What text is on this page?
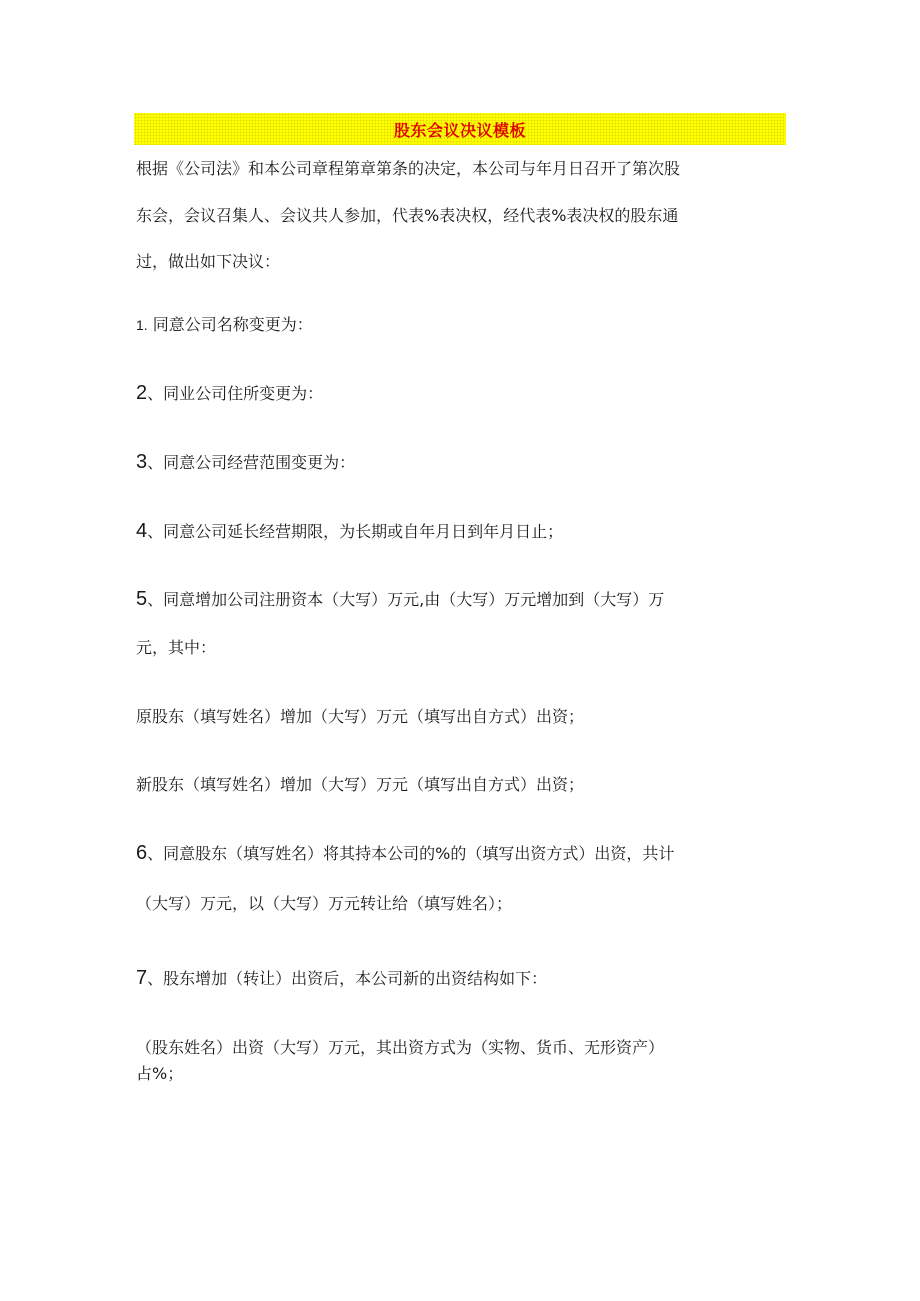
股东会议决议模板
根据《公司法》和本公司章程第章第条的决定，本公司与年月日召开了第次股
东会，会议召集人、会议共人参加，代表%表决权，经代表%表决权的股东通
过，做出如下决议：
1. 同意公司名称变更为：
2、同业公司住所变更为：
3、同意公司经营范围变更为：
4、同意公司延长经营期限，为长期或自年月日到年月日止；
5、同意增加公司注册资本（大写）万元,由（大写）万元增加到（大写）万
元，其中：
原股东（填写姓名）增加（大写）万元（填写出自方式）出资；
新股东（填写姓名）增加（大写）万元（填写出自方式）出资；
6、同意股东（填写姓名）将其持本公司的%的（填写出资方式）出资，共计
（大写）万元，以（大写）万元转让给（填写姓名）；
7、股东增加（转让）出资后，本公司新的出资结构如下：
（股东姓名）出资（大写）万元，其出资方式为（实物、货币、无形资产）
占%；
